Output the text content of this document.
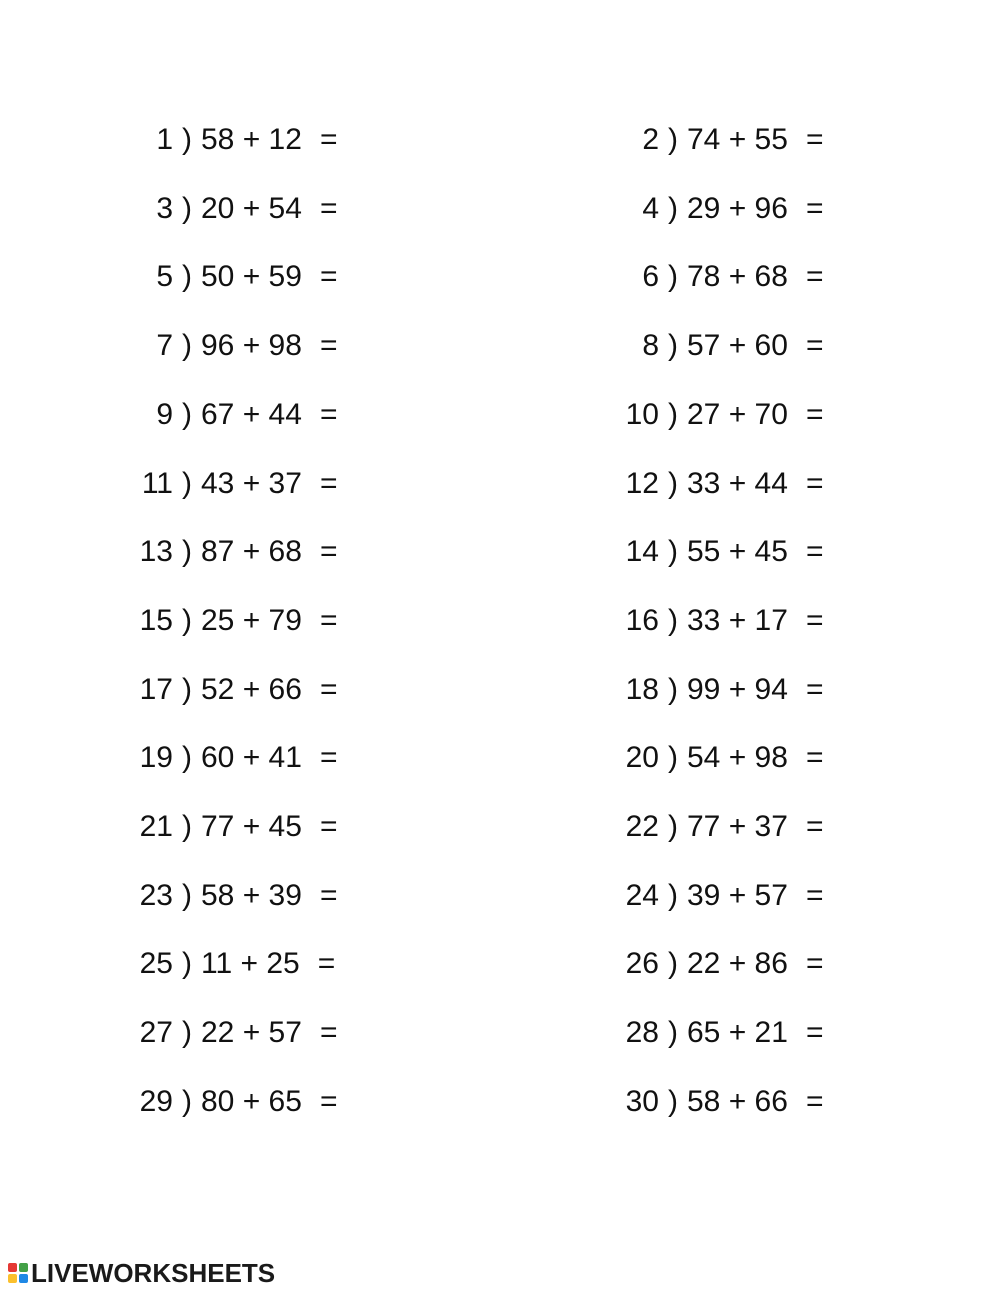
1 ) 58 + 12 =	2 ) 74 + 55 =
3 ) 20 + 54 =	4 ) 29 + 96 =
5 ) 50 + 59 =	6 ) 78 + 68 =
7 ) 96 + 98 =	8 ) 57 + 60 =
9 ) 67 + 44 =	10 ) 27 + 70 =
11 ) 43 + 37 =	12 ) 33 + 44 =
13 ) 87 + 68 =	14 ) 55 + 45 =
15 ) 25 + 79 =	16 ) 33 + 17 =
17 ) 52 + 66 =	18 ) 99 + 94 =
19 ) 60 + 41 =	20 ) 54 + 98 =
21 ) 77 + 45 =	22 ) 77 + 37 =
23 ) 58 + 39 =	24 ) 39 + 57 =
25 ) 11 + 25 =	26 ) 22 + 86 =
27 ) 22 + 57 =	28 ) 65 + 21 =
29 ) 80 + 65 =	30 ) 58 + 66 =
LIVEWORKSHEETS
